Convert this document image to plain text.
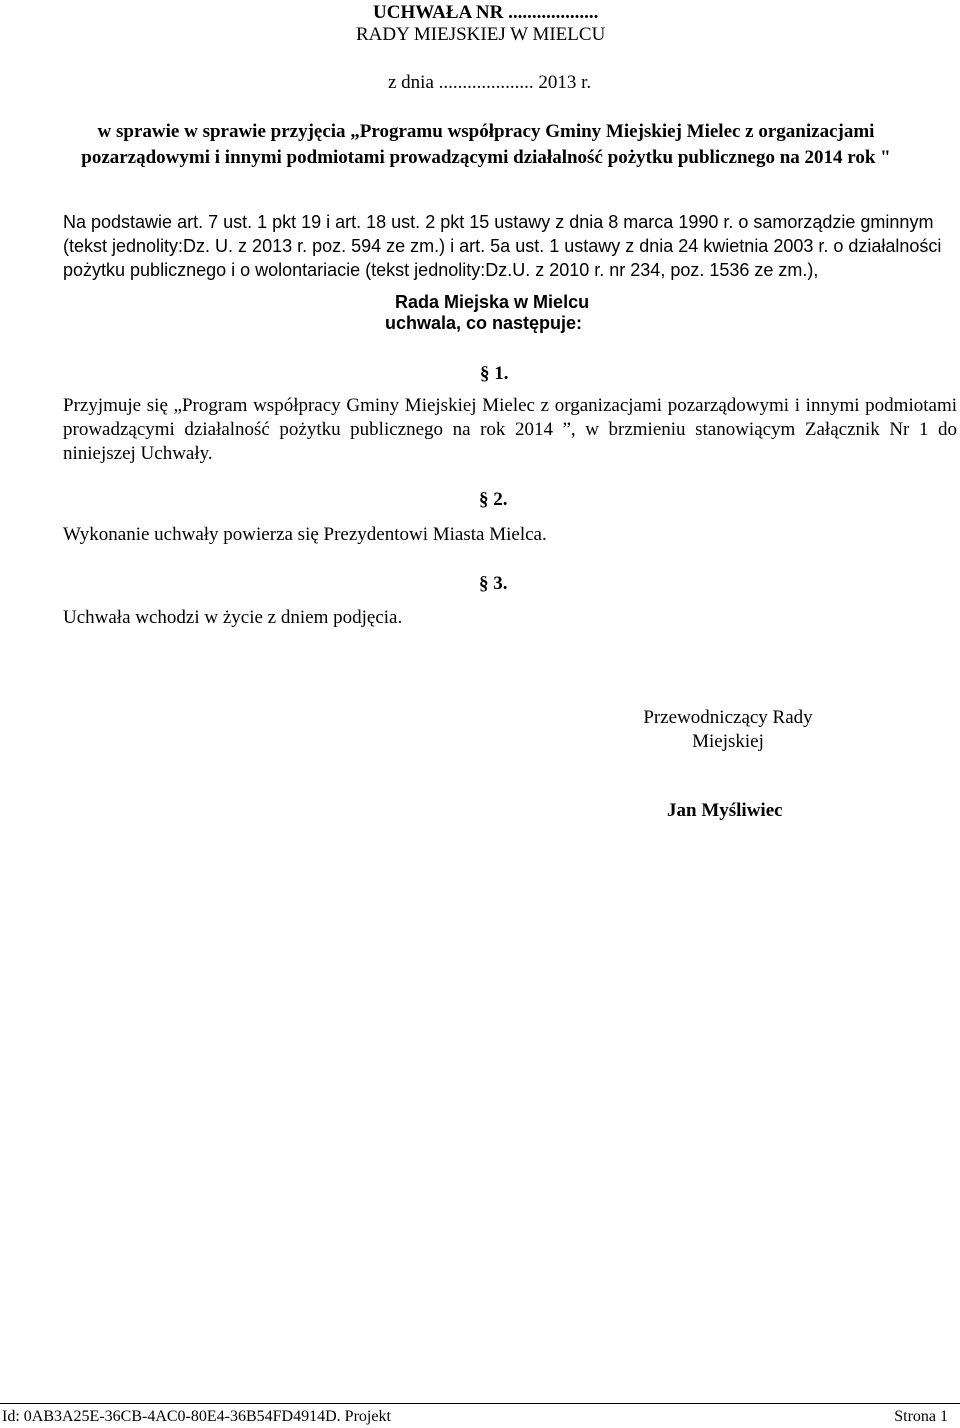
UCHWAŁA NR ...................
RADY MIEJSKIEJ W MIELCU
z dnia .................... 2013 r.
w sprawie w sprawie przyjęcia „Programu współpracy Gminy Miejskiej Mielec z organizacjami pozarządowymi i innymi podmiotami prowadzącymi działalność pożytku publicznego na 2014 rok "
Na podstawie art. 7 ust. 1 pkt 19 i art. 18 ust. 2 pkt 15 ustawy z dnia 8 marca 1990 r. o samorządzie gminnym (tekst jednolity:Dz. U. z 2013 r. poz. 594 ze zm.) i art. 5a ust. 1 ustawy z dnia 24 kwietnia 2003 r. o działalności pożytku publicznego i o wolontariacie (tekst jednolity:Dz.U. z 2010 r. nr 234, poz. 1536 ze zm.),
Rada Miejska w Mielcu
uchwala, co następuje:
§ 1.
Przyjmuje się „Program współpracy Gminy Miejskiej Mielec z organizacjami pozarządowymi i innymi podmiotami prowadzącymi działalność pożytku publicznego na rok 2014 ”, w brzmieniu stanowiącym Załącznik Nr 1 do niniejszej Uchwały.
§ 2.
Wykonanie uchwały powierza się Prezydentowi Miasta Mielca.
§ 3.
Uchwała wchodzi w życie z dniem podjęcia.
Przewodniczący Rady Miejskiej
Jan Myśliwiec
Id: 0AB3A25E-36CB-4AC0-80E4-36B54FD4914D. Projekt	Strona 1
